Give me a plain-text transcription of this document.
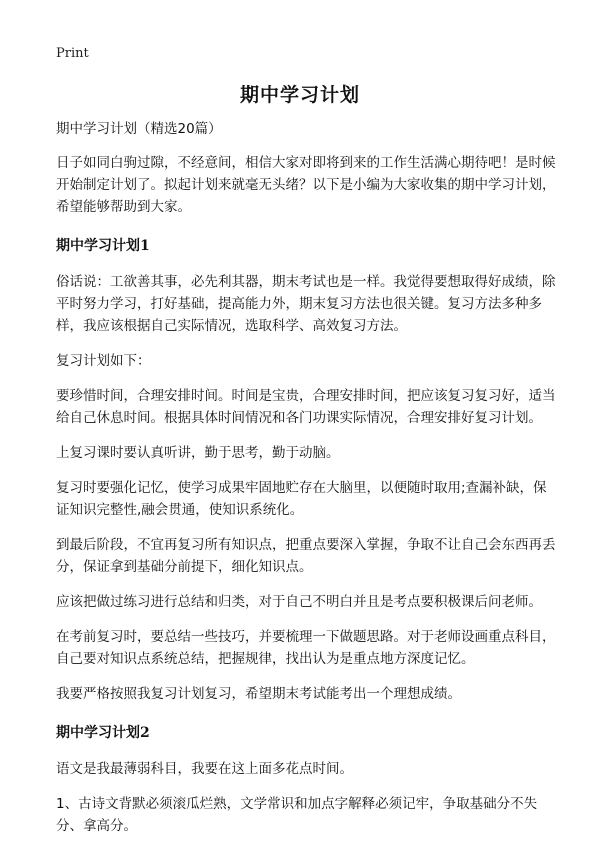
Print
期中学习计划

期中学习计划（精选20篇）

日子如同白驹过隙，不经意间，相信大家对即将到来的工作生活满心期待吧！是时候开始制定计划了。拟起计划来就毫无头绪？以下是小编为大家收集的期中学习计划，希望能够帮助到大家。

期中学习计划1

俗话说：工欲善其事，必先利其器，期末考试也是一样。我觉得要想取得好成绩，除平时努力学习，打好基础，提高能力外，期末复习方法也很关键。复习方法多种多样，我应该根据自己实际情况，选取科学、高效复习方法。

复习计划如下：

要珍惜时间，合理安排时间。时间是宝贵，合理安排时间，把应该复习复习好，适当给自己休息时间。根据具体时间情况和各门功课实际情况，合理安排好复习计划。

上复习课时要认真听讲，勤于思考，勤于动脑。

复习时要强化记忆，使学习成果牢固地贮存在大脑里，以便随时取用;查漏补缺，保证知识完整性,融会贯通，使知识系统化。

到最后阶段，不宜再复习所有知识点，把重点要深入掌握，争取不让自己会东西再丢分，保证拿到基础分前提下，细化知识点。

应该把做过练习进行总结和归类，对于自己不明白并且是考点要积极课后问老师。

在考前复习时，要总结一些技巧，并要梳理一下做题思路。对于老师设画重点科目，自己要对知识点系统总结，把握规律，找出认为是重点地方深度记忆。

我要严格按照我复习计划复习，希望期末考试能考出一个理想成绩。

期中学习计划2

语文是我最薄弱科目，我要在这上面多花点时间。

1、古诗文背默必须滚瓜烂熟，文学常识和加点字解释必须记牢，争取基础分不失分、拿高分。
